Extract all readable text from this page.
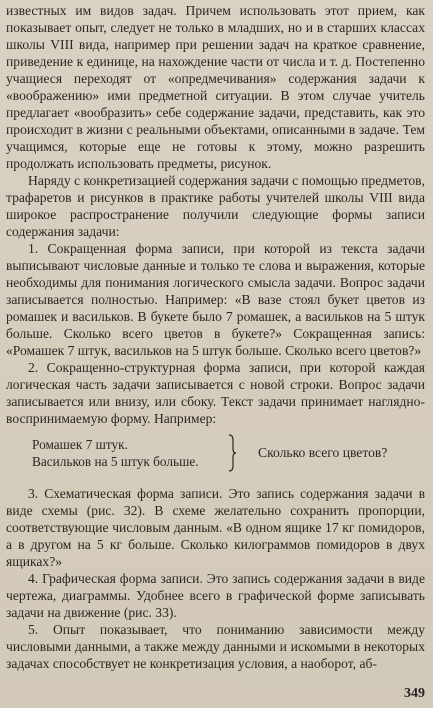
известных им видов задач. Причем использовать этот прием, как показывает опыт, следует не только в младших, но и в старших классах школы VIII вида, например при решении задач на краткое сравнение, приведение к единице, на нахождение части от числа и т. д. Постепенно учащиеся переходят от «опредмечивания» содержания задачи к «воображению» ими предметной ситуации. В этом случае учитель предлагает «вообразить» себе содержание задачи, представить, как это происходит в жизни с реальными объектами, описанными в задаче. Тем учащимся, которые еще не готовы к этому, можно разрешить продолжать использовать предметы, рисунок.

Наряду с конкретизацией содержания задачи с помощью предметов, трафаретов и рисунков в практике работы учителей школы VIII вида широкое распространение получили следующие формы записи содержания задачи:

1. Сокращенная форма записи, при которой из текста задачи выписывают числовые данные и только те слова и выражения, которые необходимы для понимания логического смысла задачи. Вопрос задачи записывается полностью. Например: «В вазе стоял букет цветов из ромашек и васильков. В букете было 7 ромашек, а васильков на 5 штук больше. Сколько всего цветов в букете?» Сокращенная запись: «Ромашек 7 штук, васильков на 5 штук больше. Сколько всего цветов?»

2. Сокращенно-структурная форма записи, при которой каждая логическая часть задачи записывается с новой строки. Вопрос задачи записывается или внизу, или сбоку. Текст задачи принимает наглядно-воспринимаемую форму. Например:

Ромашек 7 штук.
Васильков на 5 штук больше.
Сколько всего цветов?

3. Схематическая форма записи. Это запись содержания задачи в виде схемы (рис. 32). В схеме желательно сохранить пропорции, соответствующие числовым данным. «В одном ящике 17 кг помидоров, а в другом на 5 кг больше. Сколько килограммов помидоров в двух ящиках?»

4. Графическая форма записи. Это запись содержания задачи в виде чертежа, диаграммы. Удобнее всего в графической форме записывать задачи на движение (рис. 33).

5. Опыт показывает, что пониманию зависимости между числовыми данными, а также между данными и искомыми в некоторых задачах способствует не конкретизация условия, а наоборот, аб-

349
